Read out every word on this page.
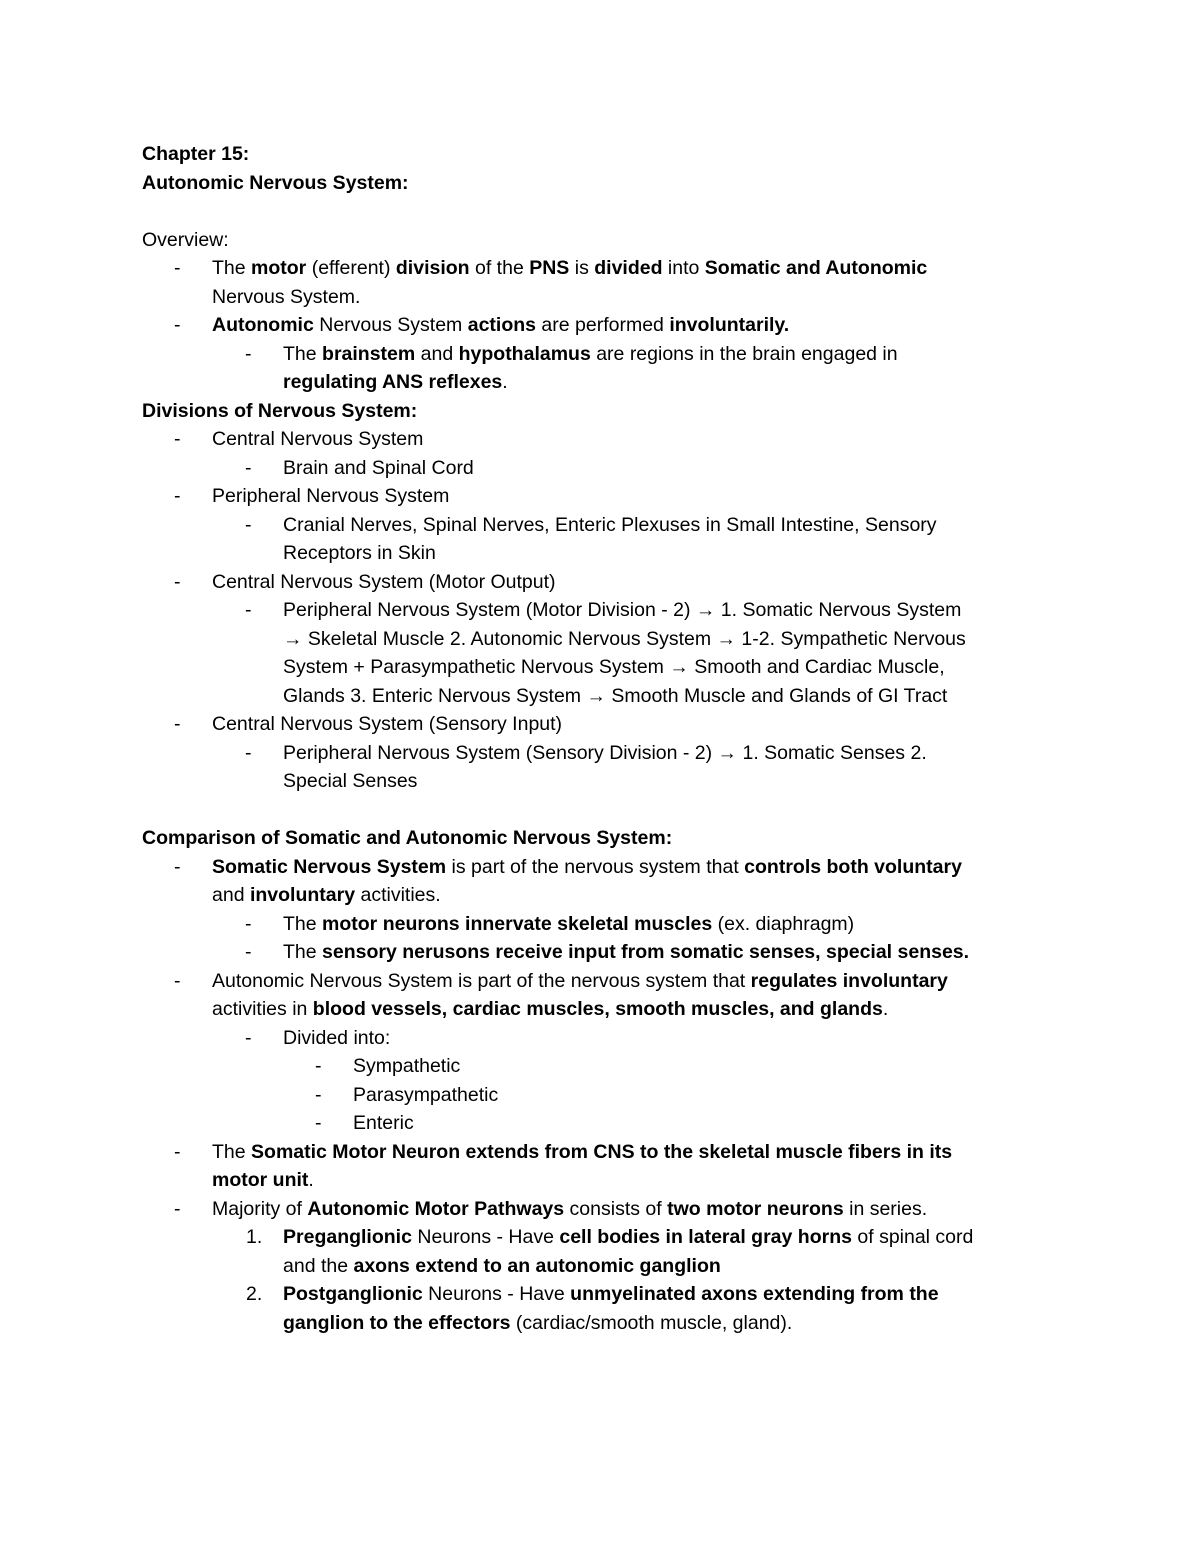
Chapter 15:
Autonomic Nervous System:
Overview:
- The motor (efferent) division of the PNS is divided into Somatic and Autonomic
Nervous System.
- Autonomic Nervous System actions are performed involuntarily.
- The brainstem and hypothalamus are regions in the brain engaged in
regulating ANS reflexes.
Divisions of Nervous System:
- Central Nervous System
- Brain and Spinal Cord
- Peripheral Nervous System
- Cranial Nerves, Spinal Nerves, Enteric Plexuses in Small Intestine, Sensory
Receptors in Skin
- Central Nervous System (Motor Output)
- Peripheral Nervous System (Motor Division - 2) → 1. Somatic Nervous System
→ Skeletal Muscle 2. Autonomic Nervous System → 1-2. Sympathetic Nervous
System + Parasympathetic Nervous System → Smooth and Cardiac Muscle,
Glands 3. Enteric Nervous System → Smooth Muscle and Glands of GI Tract
- Central Nervous System (Sensory Input)
- Peripheral Nervous System (Sensory Division - 2) → 1. Somatic Senses 2.
Special Senses
Comparison of Somatic and Autonomic Nervous System:
- Somatic Nervous System is part of the nervous system that controls both voluntary
and involuntary activities.
- The motor neurons innervate skeletal muscles (ex. diaphragm)
- The sensory nerusons receive input from somatic senses, special senses.
- Autonomic Nervous System is part of the nervous system that regulates involuntary
activities in blood vessels, cardiac muscles, smooth muscles, and glands.
- Divided into:
- Sympathetic
- Parasympathetic
- Enteric
- The Somatic Motor Neuron extends from CNS to the skeletal muscle fibers in its
motor unit.
- Majority of Autonomic Motor Pathways consists of two motor neurons in series.
1. Preganglionic Neurons - Have cell bodies in lateral gray horns of spinal cord
and the axons extend to an autonomic ganglion
2. Postganglionic Neurons - Have unmyelinated axons extending from the
ganglion to the effectors (cardiac/smooth muscle, gland).
